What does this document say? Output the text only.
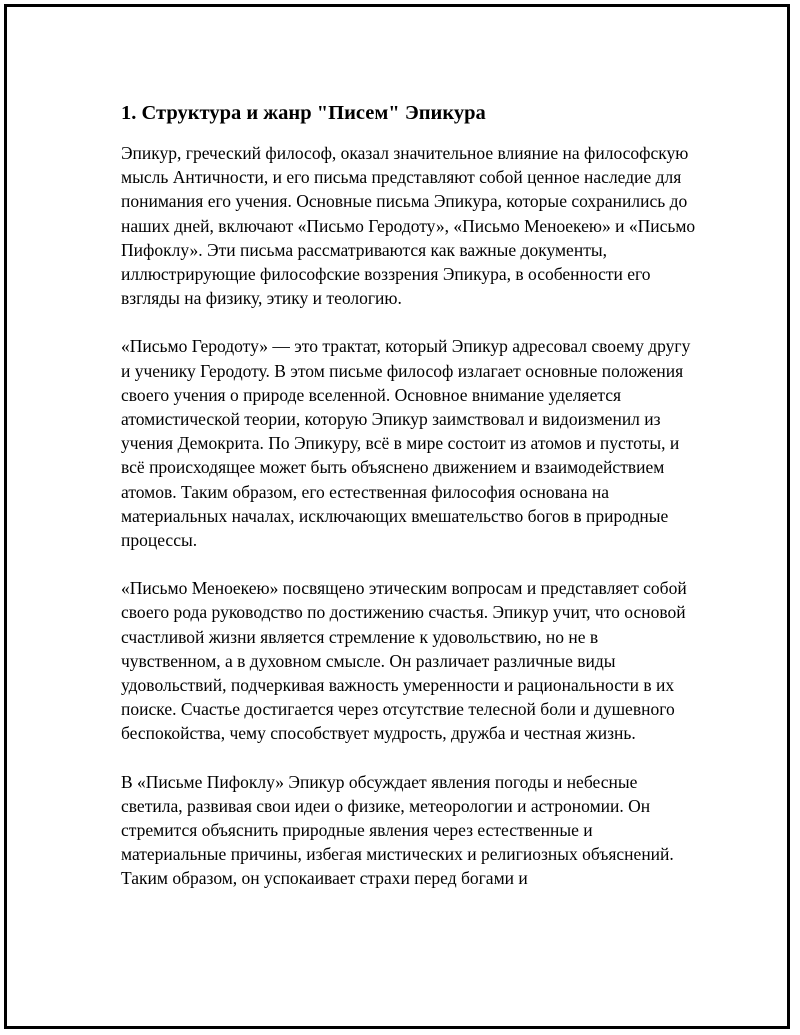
1. Структура и жанр "Писем" Эпикура

Эпикур, греческий философ, оказал значительное влияние на философскую мысль Античности, и его письма представляют собой ценное наследие для понимания его учения. Основные письма Эпикура, которые сохранились до наших дней, включают «Письмо Геродоту», «Письмо Менoекею» и «Письмо Пифоклу». Эти письма рассматриваются как важные документы, иллюстрирующие философские воззрения Эпикура, в особенности его взгляды на физику, этику и теологию.

«Письмо Геродоту» — это трактат, который Эпикур адресовал своему другу и ученику Геродоту. В этом письме философ излагает основные положения своего учения о природе вселенной. Основное внимание уделяется атомистической теории, которую Эпикур заимствовал и видоизменил из учения Демокрита. По Эпикуру, всё в мире состоит из атомов и пустоты, и всё происходящее может быть объяснено движением и взаимодействием атомов. Таким образом, его естественная философия основана на материальных началах, исключающих вмешательство богов в природные процессы.

«Письмо Менoекею» посвящено этическим вопросам и представляет собой своего рода руководство по достижению счастья. Эпикур учит, что основой счастливой жизни является стремление к удовольствию, но не в чувственном, а в духовном смысле. Он различает различные виды удовольствий, подчеркивая важность умеренности и рациональности в их поиске. Счастье достигается через отсутствие телесной боли и душевного беспокойства, чему способствует мудрость, дружба и честная жизнь.

В «Письме Пифоклу» Эпикур обсуждает явления погоды и небесные светила, развивая свои идеи о физике, метеорологии и астрономии. Он стремится объяснить природные явления через естественные и материальные причины, избегая мистических и религиозных объяснений. Таким образом, он успокаивает страхи перед богами и
